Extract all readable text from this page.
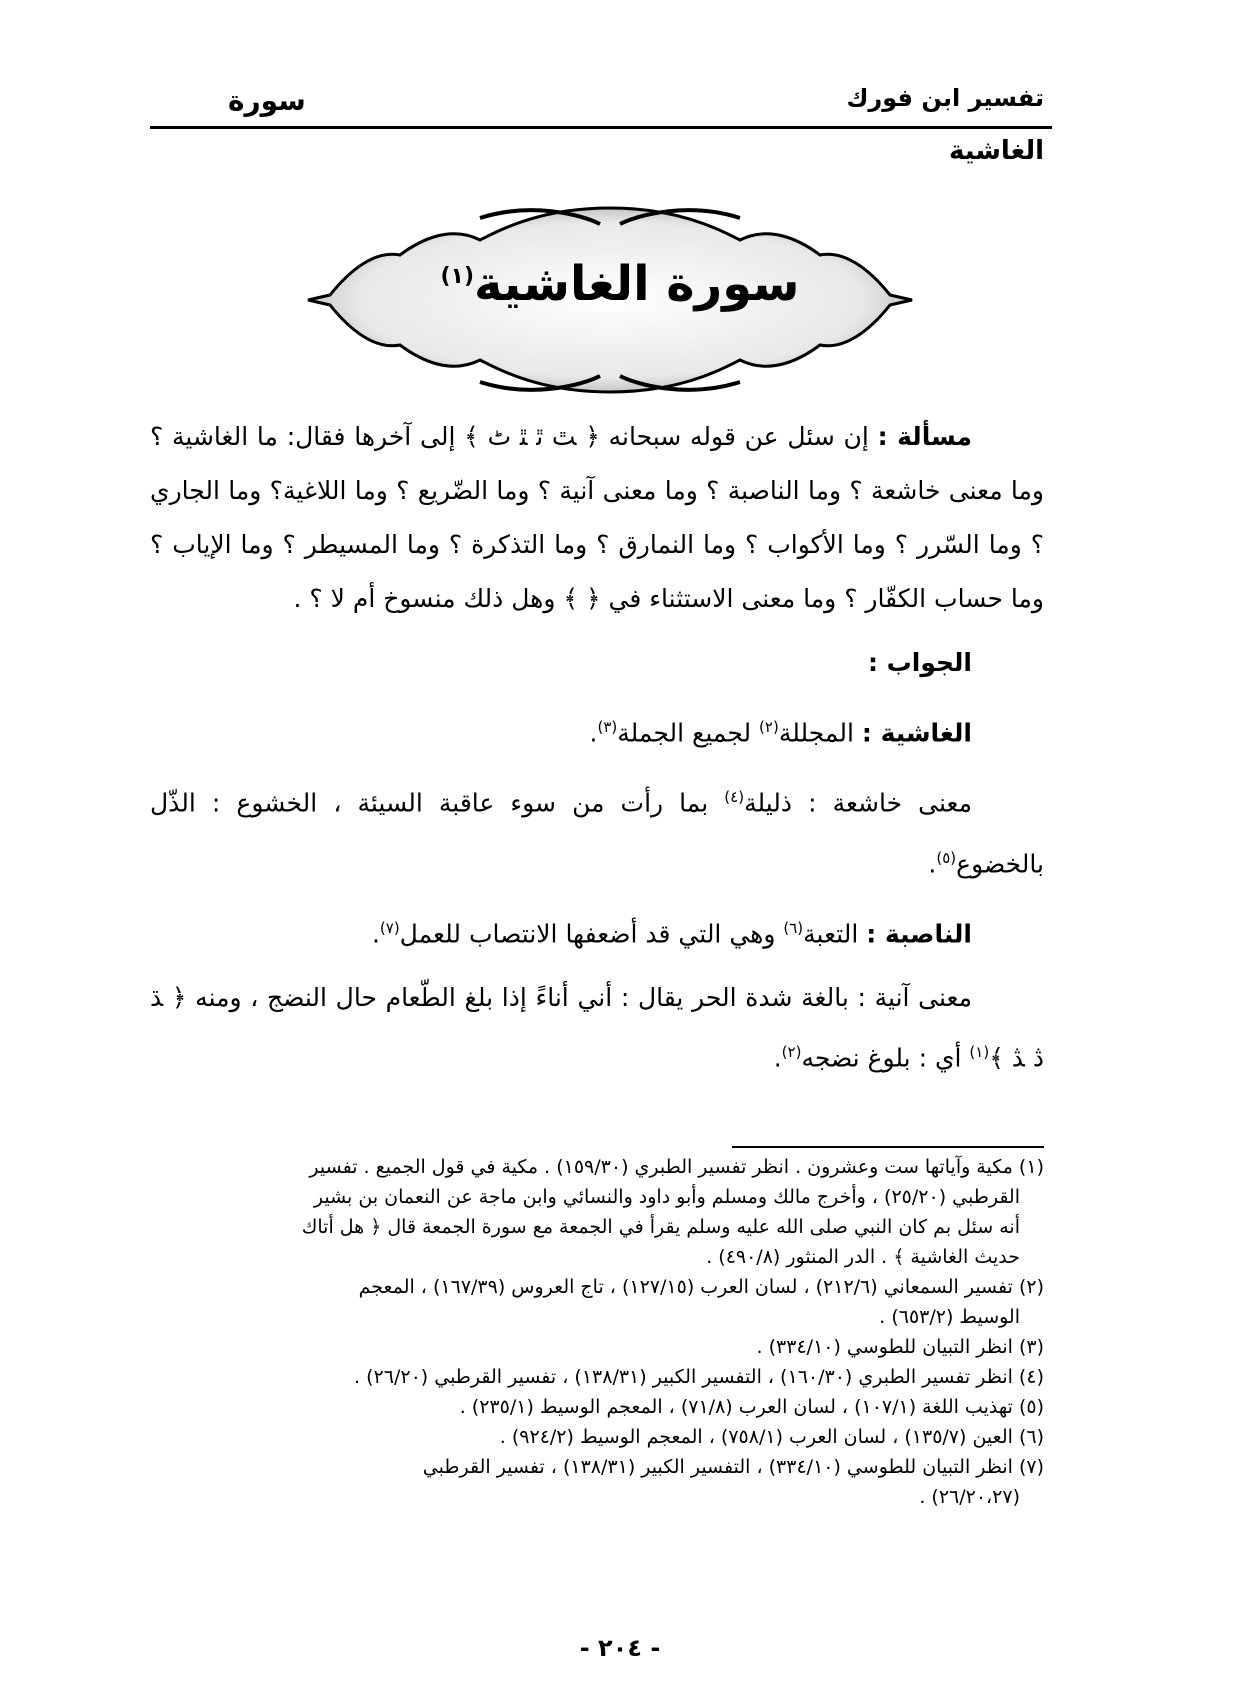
تفسير ابن فورك
سورة
الغاشية
سورة الغاشية$^{(١)}$

مسألة : إن سئل عن قوله سبحانه ﴿ ﭣ ﭤ ﭥ ﭦ ﴾ إلى آخرها فقال: ما الغاشية ؟ وما معنى خاشعة ؟ وما الناصبة ؟ وما معنى آنية ؟ وما الضّريع ؟ وما اللاغية؟ وما الجاري ؟ وما السّرر ؟ وما الأكواب ؟ وما النمارق ؟ وما التذكرة ؟ وما المسيطر ؟ وما الإياب ؟ وما حساب الكفّار ؟ وما معنى الاستثناء في ﴿ ﴾ وهل ذلك منسوخ أم لا ؟ .

الجواب :

الغاشية : المجللة$^{(٢)}$ لجميع الجملة$^{(٣)}$.

معنى خاشعة : ذليلة$^{(٤)}$ بما رأت من سوء عاقبة السيئة ، الخشوع : الذّل بالخضوع$^{(٥)}$.

الناصبة : التعبة$^{(٦)}$ وهي التي قد أضعفها الانتصاب للعمل$^{(٧)}$.

معنى آنية : بالغة شدة الحر يقال : أني أناءً إذا بلغ الطّعام حال النضج ، ومنه ﴿ ﮅ ﮆ ﮇ ﴾$^{(١)}$ أي : بلوغ نضجه$^{(٢)}$.

(١) مكية وآياتها ست وعشرون . انظر تفسير الطبري (١٥٩/٣٠) . مكية في قول الجميع . تفسير

القرطبي (٢٥/٢٠) ، وأخرج مالك ومسلم وأبو داود والنسائي وابن ماجة عن النعمان بن بشير

أنه سئل بم كان النبي صلى الله عليه وسلم يقرأ في الجمعة مع سورة الجمعة قال ﴿ هل أتاك

حديث الغاشية ﴾ . الدر المنثور (٤٩٠/٨) .

(٢) تفسير السمعاني (٢١٢/٦) ، لسان العرب (١٢٧/١٥) ، تاج العروس (١٦٧/٣٩) ، المعجم

الوسيط (٦٥٣/٢) .

(٣) انظر التبيان للطوسي (٣٣٤/١٠) .

(٤) انظر تفسير الطبري (١٦٠/٣٠) ، التفسير الكبير (١٣٨/٣١) ، تفسير القرطبي (٢٦/٢٠) .

(٥) تهذيب اللغة (١٠٧/١) ، لسان العرب (٧١/٨) ، المعجم الوسيط (٢٣٥/١) .

(٦) العين (١٣٥/٧) ، لسان العرب (٧٥٨/١) ، المعجم الوسيط (٩٢٤/٢) .

(٧) انظر التبيان للطوسي (٣٣٤/١٠) ، التفسير الكبير (١٣٨/٣١) ، تفسير القرطبي

(٢٦/٢٠،٢٧) .

- ٢٠٤ -
